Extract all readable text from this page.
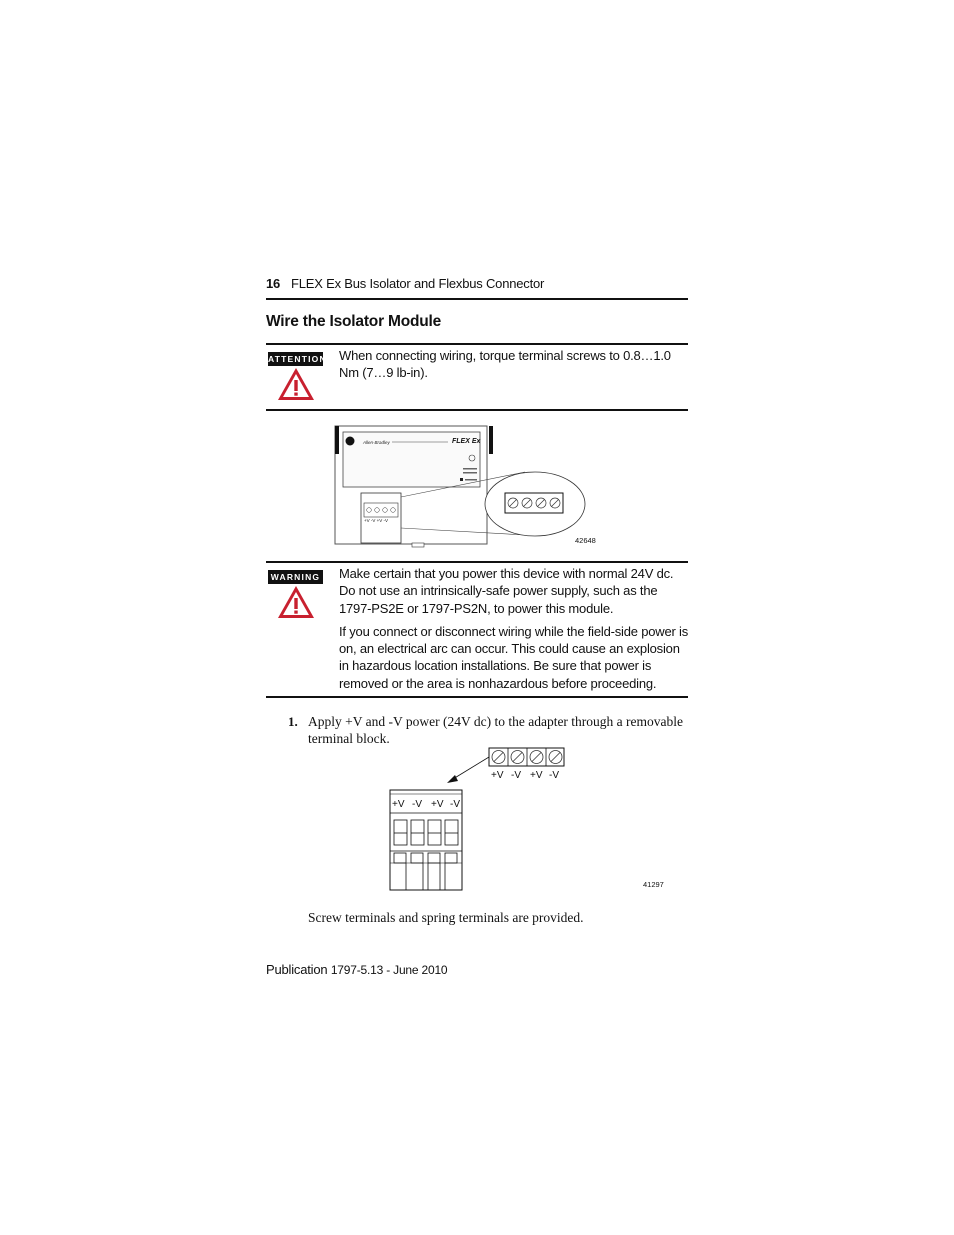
16 FLEX Ex Bus Isolator and Flexbus Connector
Wire the Isolator Module
ATTENTION When connecting wiring, torque terminal screws to 0.8…1.0 Nm (7…9 lb-in).

Allen-Bradley	FLEX Ex
+V -V +V -V
42648
WARNING Make certain that you power this device with normal 24V dc. Do not use an intrinsically-safe power supply, such as the 1797-PS2E or 1797-PS2N, to power this module.

If you connect or disconnect wiring while the field-side power is on, an electrical arc can occur. This could cause an explosion in hazardous location installations. Be sure that power is removed or the area is nonhazardous before proceeding.

1. Apply +V and -V power (24V dc) to the adapter through a removable terminal block.
+V -V +V -V
+V -V +V -V
41297
Screw terminals and spring terminals are provided.
Publication 1797-5.13 - June 2010
